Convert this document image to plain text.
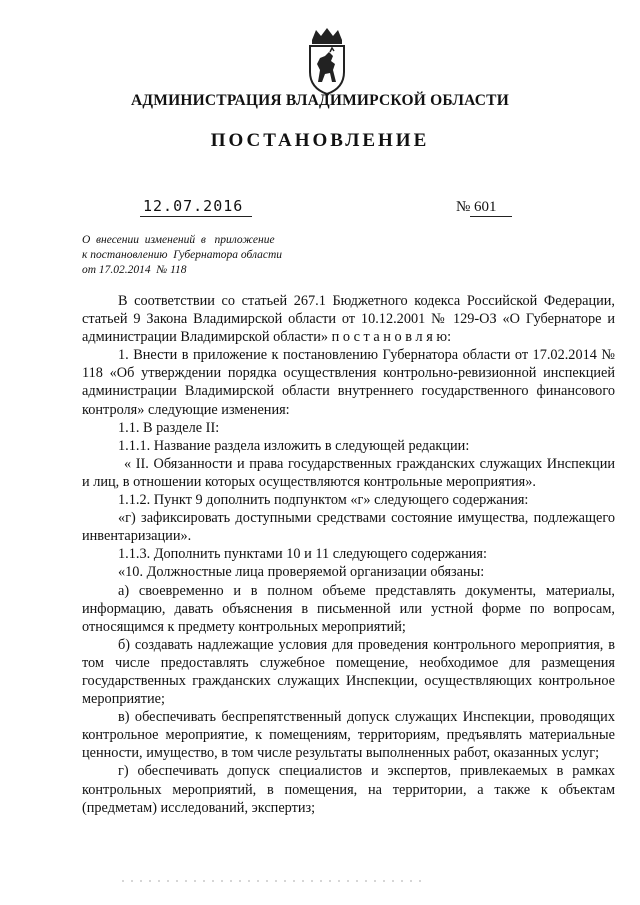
АДМИНИСТРАЦИЯ ВЛАДИМИРСКОЙ ОБЛАСТИ
ПОСТАНОВЛЕНИЕ
12.07.2016	№ 601
О  внесении  изменений  в   приложение
к постановлению  Губернатора области
от 17.02.2014  № 118

В соответствии со статьей 267.1 Бюджетного кодекса Российской Федерации, статьей 9 Закона Владимирской области от 10.12.2001 № 129-ОЗ «О Губернаторе и администрации Владимирской области» п о с т а н о в л я ю:

1. Внести в приложение к постановлению Губернатора области от 17.02.2014 № 118 «Об утверждении порядка осуществления контрольно-ревизионной инспекцией администрации Владимирской области внутреннего государственного финансового контроля» следующие изменения:

1.1. В разделе II:

1.1.1. Название раздела изложить в следующей редакции:

« II. Обязанности и права государственных гражданских служащих Инспекции и лиц, в отношении которых осуществляются контрольные мероприятия».

1.1.2. Пункт 9 дополнить подпунктом «г» следующего содержания:

«г) зафиксировать доступными средствами состояние имущества, подлежащего инвентаризации».

1.1.3. Дополнить пунктами 10 и 11 следующего содержания:

«10. Должностные лица проверяемой организации обязаны:

а) своевременно и в полном объеме представлять документы, материалы, информацию, давать объяснения в письменной или устной форме по вопросам, относящимся к предмету контрольных мероприятий;

б) создавать надлежащие условия для проведения контрольного мероприятия, в том числе предоставлять служебное помещение, необходимое для размещения государственных гражданских служащих Инспекции, осуществляющих контрольное мероприятие;

в) обеспечивать беспрепятственный допуск служащих Инспекции, проводящих контрольное мероприятие, к помещениям, территориям, предъявлять материальные ценности, имущество, в том числе результаты выполненных работ, оказанных услуг;

г) обеспечивать допуск специалистов и экспертов, привлекаемых в рамках контрольных мероприятий, в помещения, на территории, а также к объектам (предметам) исследований, экспертиз;
